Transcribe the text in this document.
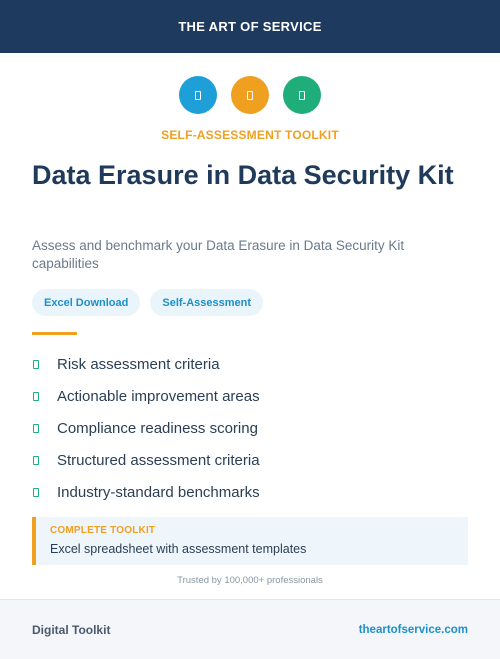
THE ART OF SERVICE
SELF-ASSESSMENT TOOLKIT
Data Erasure in Data Security Kit

Assess and benchmark your Data Erasure in Data Security Kit capabilities

Excel Download	Self-Assessment
Risk assessment criteria
Actionable improvement areas
Compliance readiness scoring
Structured assessment criteria
Industry-standard benchmarks
COMPLETE TOOLKIT
Excel spreadsheet with assessment templates
Trusted by 100,000+ professionals
Digital Toolkit	theartofservice.com
